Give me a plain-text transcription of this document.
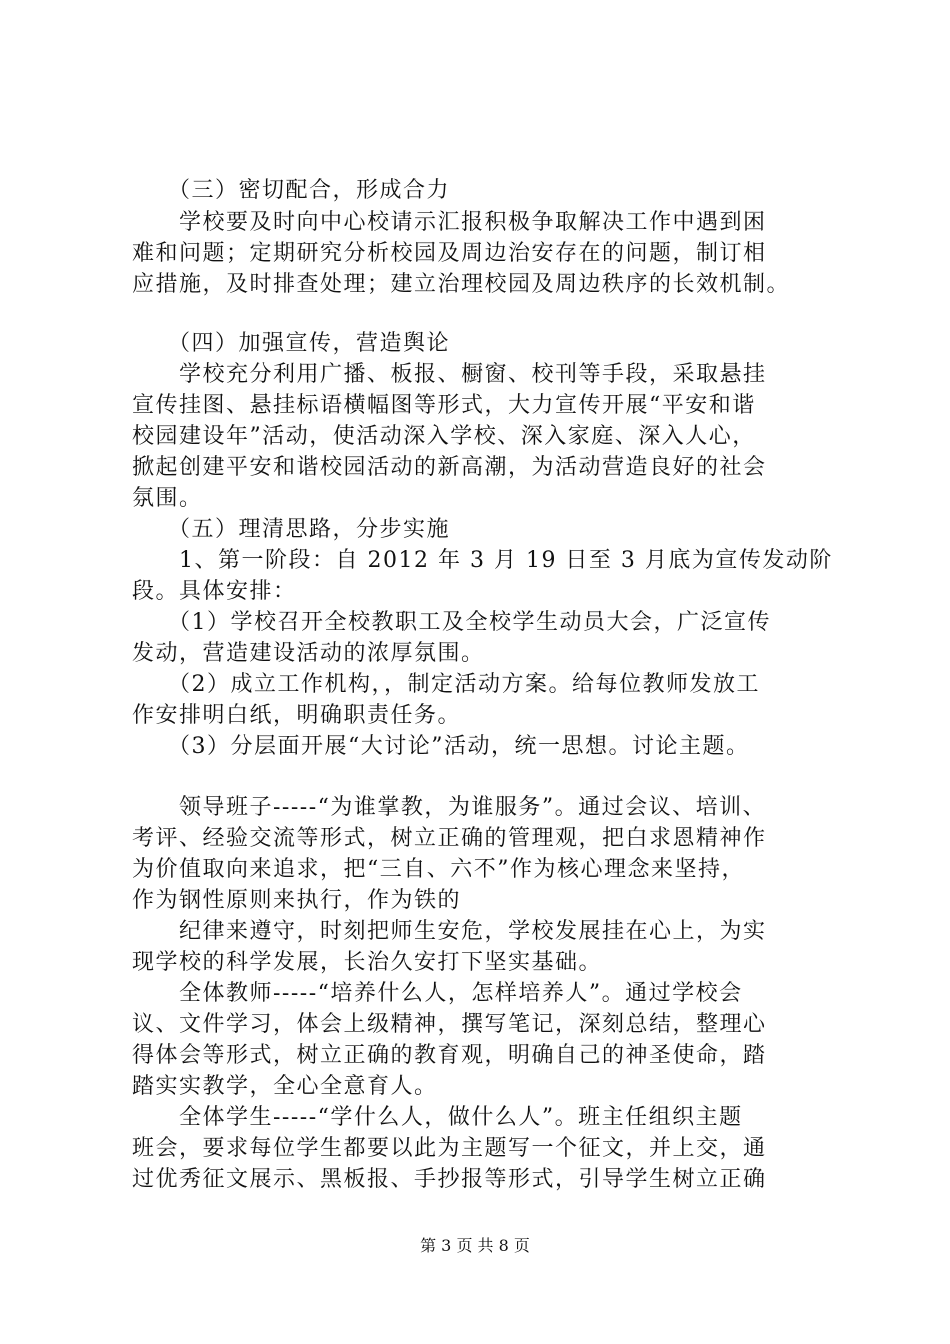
　　（三）密切配合，形成合力
　　学校要及时向中心校请示汇报积极争取解决工作中遇到困
难和问题；定期研究分析校园及周边治安存在的问题，制订相
应措施，及时排查处理；建立治理校园及周边秩序的长效机制。
　　（四）加强宣传，营造舆论
　　学校充分利用广播、板报、橱窗、校刊等手段，采取悬挂
宣传挂图、悬挂标语横幅图等形式，大力宣传开展“平安和谐
校园建设年”活动，使活动深入学校、深入家庭、深入人心，
掀起创建平安和谐校园活动的新高潮，为活动营造良好的社会
氛围。
　　（五）理清思路，分步实施
　　1、第一阶段：自 2012 年 3 月 19 日至 3 月底为宣传发动阶
段。具体安排：
　　（1）学校召开全校教职工及全校学生动员大会，广泛宣传
发动，营造建设活动的浓厚氛围。
　　（2）成立工作机构，，制定活动方案。给每位教师发放工
作安排明白纸，明确职责任务。
　　（3）分层面开展“大讨论”活动，统一思想。讨论主题。
　　领导班子-----“为谁掌教，为谁服务”。通过会议、培训、
考评、经验交流等形式，树立正确的管理观，把白求恩精神作
为价值取向来追求，把“三自、六不”作为核心理念来坚持，
作为钢性原则来执行，作为铁的
　　纪律来遵守，时刻把师生安危，学校发展挂在心上，为实
现学校的科学发展，长治久安打下坚实基础。
　　全体教师-----“培养什么人，怎样培养人”。通过学校会
议、文件学习，体会上级精神，撰写笔记，深刻总结，整理心
得体会等形式，树立正确的教育观，明确自己的神圣使命，踏
踏实实教学，全心全意育人。
　　全体学生-----“学什么人，做什么人”。班主任组织主题
班会，要求每位学生都要以此为主题写一个征文，并上交，通
过优秀征文展示、黑板报、手抄报等形式，引导学生树立正确
第 3 页 共 8 页
